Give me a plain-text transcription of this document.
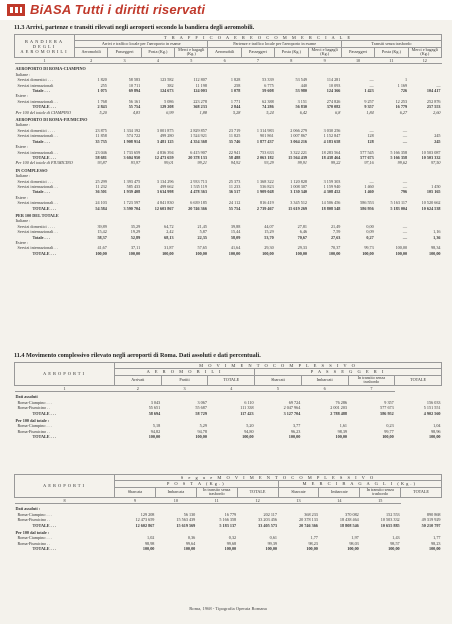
BiASA Tutti i diritti riservati
11.3 Arrivi, partenze e transiti rilevati negli aeroporti secondo la bandiera degli aeromobili.
BANDIERA
DEGLI
AEROMOBILI	T R A F F I C O A E R E O C O M M E R C I A L E										
	Arrivi e traffico locale per l'aeroporto in esame				Partenze e traffico locale per l'aeroporto in esame				Transiti senza trasbordo		
	Aeromobili	Passeggeri	Posta (Kg.)	Merci e bagagli (Kg.)	Aeromobili	Passeggeri	Posta (Kg.)	Merci e bagagli (Kg.)	Passeggeri	Posta (Kg.)	Merci e bagagli (Kg.)
1	2	3	4	5	6	7	8	9	10	11	12
AEROPORTO DI ROMA-CIAMPINO											
Italiane :											
Servizi domestici . . .	1 820	58 583	123 582	112 807	1 828	53 339	53 549	114 281	—	1	
Servizi internazionali	255	10 711	382	11 198	258	6 775	440	10 093	—	1 169	—
Totale . . .	1 075	69 894	124 673	124 003	1 078	59 608	53 980	124 366	1 423	726	104 417
Estere :											
Servizi internazionali . .	1 768	56 161	5 086	223 278	1 771	62 388	3 151	274 826	9 257	12 253	252 876
TOTALE . . .	2 843	55 754	129 208	368 233	2 844	74 286	56 830	370 082	9 357	16 779	257 553
Per 100 del totale di CIAMPINO	5,20	4,83	6,99	1,88	5,28	5,24	6,42	6,8	1,84	6,27	2,60
AEROPORTO DI ROMA-FIUMICINO											
Italiane :											
Servizi domestici . . . .	23 875	1 334 192	3 001 875	2 829 857	23 719	1 314 983	2 066 279	3 030 256	—	—	
Servizi internazionali . .	11 858	574 722	499 280	1 524 921	11 825	901 861	1 007 867	1 152 847	128	—	245
Totale . . .	35 735	1 908 914	3 481 125	4 354 368	35 746	1 877 437	3 064 216	4 183 658	128	—	245
Estere :											
Servizi internazionali . .	23 046	1 733 659	4 836 394	6 415 907	22 941	753 633	3 322 221	18 283 564	577 545	5 166 358	10 503 087
TOTALE . . .	58 681	3 604 950	12 473 659	20 378 133	58 488	2 063 182	15 564 439	18 438 464	577 673	5 166 358	10 503 332
Per 100 del totale di FIUMICINO	93,87	93,97	99,01	99,21	94,92	93,29	99,91	99,22	97,16	99,62	97,50
IN COMPLESSO											
Italiane :											
Servizi domestici . . .	25 299	1 393 475	3 134 296	2 933 713	25 373	1 368 322	1 120 828	3 159 303	—	—	
Servizi internazionali . .	11 232	585 433	499 662	1 535 119	11 233	536 823	1 008 307	1 159 940	1 460	—	1 450
Totale . . .	36 501	1 939 408	3 634 998	4 478 363	36 517	1 909 048	3 130 340	4 308 452	1 460	796	105 165
Estere :											
Servizi internazionali . .	24 103	1 723 597	4 841 830	6 639 185	24 112	816 419	3 345 512	14 506 456	586 553	5 163 117	10 520 662
TOTALE . . .	54 584	3 590 704	12 603 867	20 746 366	55 754	2 739 467	15 619 269	18 808 548	586 956	5 183 004	10 624 538
PER 100 DEL TOTALE											
Italiane :											
Servizi domestici . . . .	39,89	35,29	64,72	21,45	39,88	44,07	27,81	21,49	0,00	—	
Servizi internazionali . .	15,42	19,29	2,42	5,87	15,44	15,29	6,46	7,59	0,09	—	1,16
Totale . . .	58,37	52,89	68,13	22,35	58,09	53,70	70,67	27,63	0,27	—	1,36
Estere :											
Servizi internazionali . .	41,67	37,11	31,87	57,65	41,64	29,30	29,33	70,37	99,73	100,00	98,34
TOTALE . . .	100,00	100,00	100,00	100,00	100,00	100,00	100,00	100,00	100,00	100,00	100,00
11.4 Movimento complessivo rilevato negli aeroporti di Roma. Dati assoluti e dati percentuali.
AEROPORTI	M O V I M E N T O C O M P L E S S I V O						
	A E R O M O B I L I			P A S S E G G E R I			
	Arrivati	Partiti	TOTALE	Sbarcati	Imbarcati	In transito senza trasbordo	TOTALE
1	2	3	4	5	6	7	
Dati assoluti							
Roma-Ciampino . . .	3 043	3 067	6 110	69 724	76 286	9 357	156 033
Roma-Fiumicino . .	55 651	55 687	111 338	2 047 964	2 001 203	577 673	5 151 551
TOTALE . . .	58 694	58 729	117 423	3 127 704	2 788 488	586 952	4 902 560
Per 100 dal totale :							
Roma-Ciampino . . .	5,18	5,29	5,20	3,77	1,61	0,23	1,04
Roma-Fiumicino . .	94,82	94,78	94,80	96,23	98,39	99,77	98,96
TOTALE . . .	100,00	100,00	100,00	100,00	100,00	100,00	100,00
AEROPORTI	S e g u e M O V I M E N T O C O M P L E S S I V O							
	P O S T A (Kg.)				M E R C I B A G A G L I (Kg.)			
	Sbarcata	Imbarcata	In transito senza trasbordo	TOTALE	Sbarcate	Imbarcate	In transito senza trasbordo	TOTALE
8	9	10	11	12	13	14	15	
Dati assoluti :								
Roma-Ciampino . . .	129 208	56 130	16 779	202 117	368 233	370 082	152 553	890 868
Roma-Fiumicino . .	12 473 659	15 563 439	5 166 358	33 203 456	20 378 133	18 438 464	10 503 332	49 319 929
TOTALE . . .	12 602 867	15 619 569	5 183 137	33 405 573	20 746 366	18 808 546	10 655 885	50 210 797
Per 100 dal totale :								
Roma-Ciampino . . .	1,02	0,36	0,32	0,61	1,77	1,97	1,43	1,77
Roma-Fiumicino . .	98,98	99,64	99,68	99,39	98,23	98,03	98,57	98,23
TOTALE . . .	100,00	100,00	100,00	100,00	100,00	100,00	100,00	100,00
Roma, 1968 - Tipografia Operaia Romana
